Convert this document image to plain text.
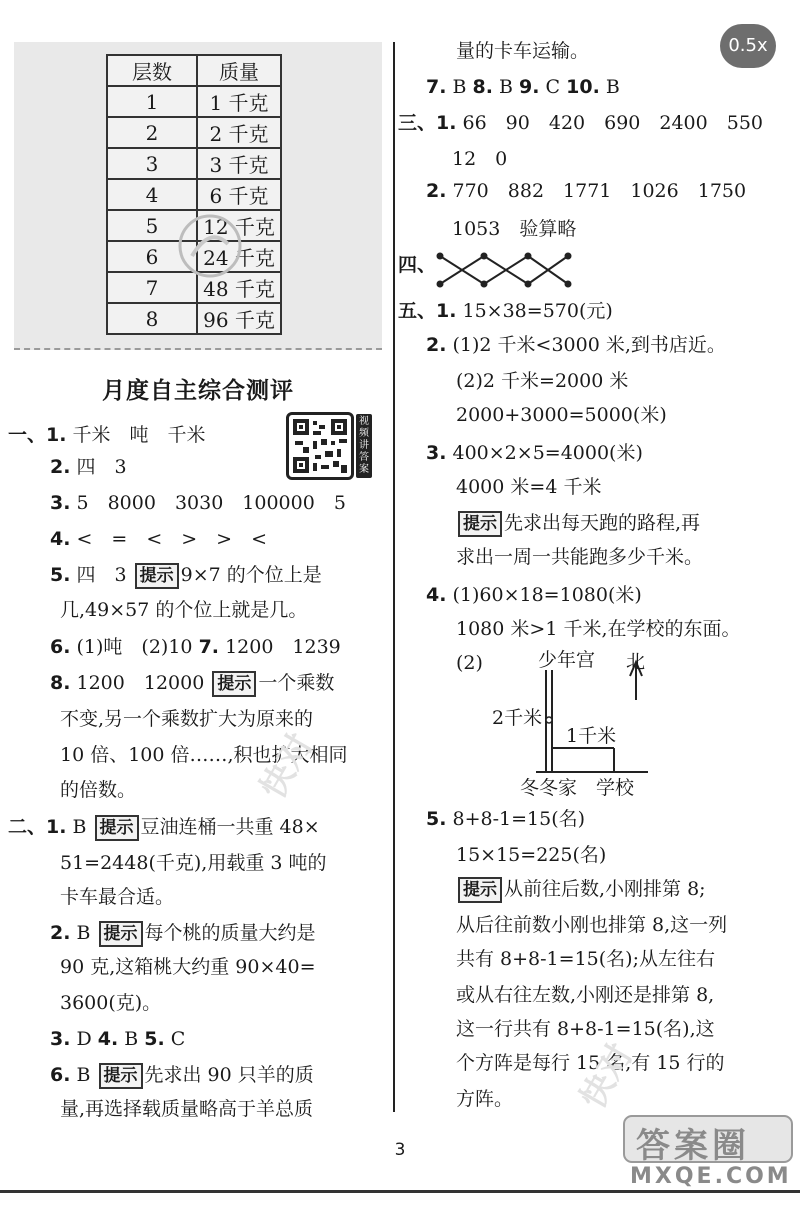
0.5x
层数	质量
1	1 千克
2	2 千克
3	3 千克
4	6 千克
5	12 千克
6	24 千克
7	48 千克
8	96 千克
月度自主综合测评
视频讲答案
一、1. 千米　吨　千米
2. 四　3
3. 5　8000　3030　100000　5
4. <　=　<　>　>　<
5. 四　3 提示 9×7 的个位上是
几,49×57 的个位上就是几。
6. (1)吨　(2)10 7. 1200　1239
8. 1200　12000 提示 一个乘数
不变,另一个乘数扩大为原来的
10 倍、100 倍……,积也扩大相同
的倍数。
二、1. B 提示 豆油连桶一共重 48×
51=2448(千克),用载重 3 吨的
卡车最合适。
2. B 提示 每个桃的质量大约是
90 克,这箱桃大约重 90×40=
3600(克)。
3. D 4. B 5. C
6. B 提示 先求出 90 只羊的质
量,再选择载质量略高于羊总质
量的卡车运输。
7. B 8. B 9. C 10. B
三、1. 66　90　420　690　2400　550
12　0
2. 770　882　1771　1026　1750
1053　验算略
四、
五、1. 15×38=570(元)
2. (1)2 千米<3000 米,到书店近。
(2)2 千米=2000 米
2000+3000=5000(米)
3. 400×2×5=4000(米)
4000 米=4 千米
提示 先求出每天跑的路程,再
求出一周一共能跑多少千米。
4. (1)60×18=1080(米)
1080 米>1 千米,在学校的东面。
(2)
5. 8+8-1=15(名)
15×15=225(名)
提示 从前往后数,小刚排第 8;
从后往前数小刚也排第 8,这一列
共有 8+8-1=15(名);从左往右
或从右往左数,小刚还是排第 8,
这一行共有 8+8-1=15(名),这
个方阵是每行 15 名,有 15 行的
方阵。
少年宫 北
2千米
1千米
冬冬家 学校
快对
快对
3	答案圈
MXQE.COM
